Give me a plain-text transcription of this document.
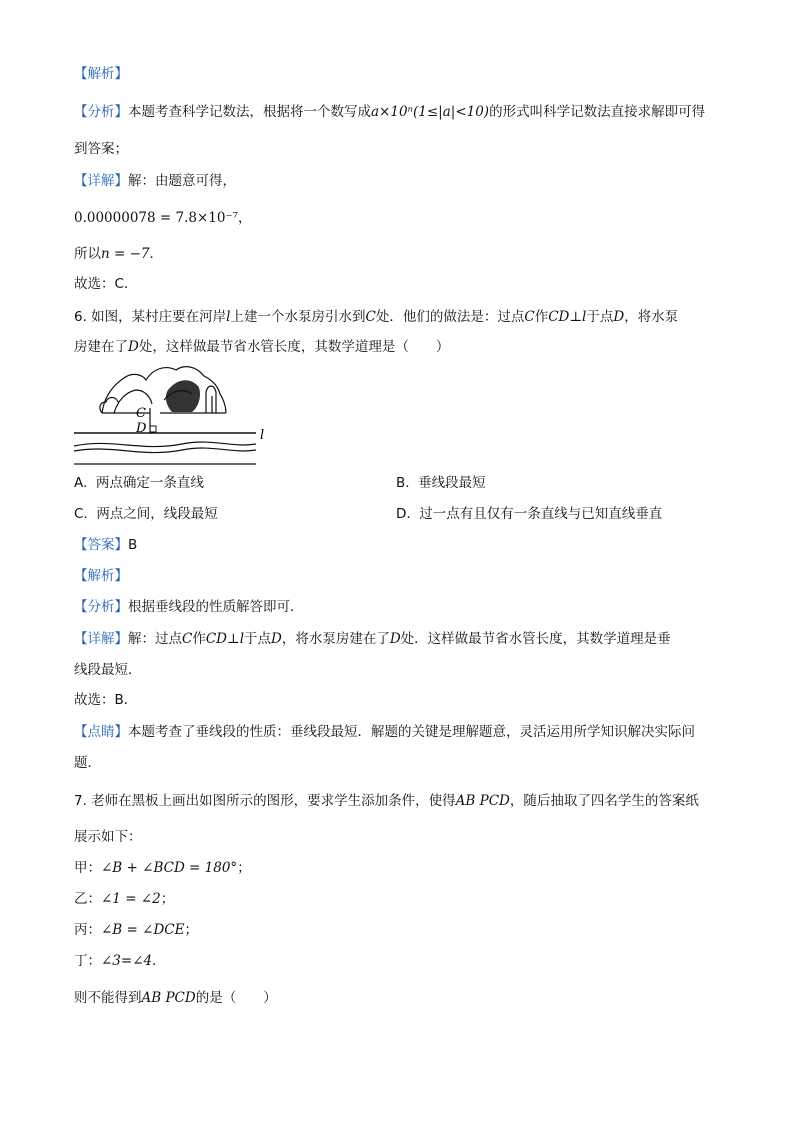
【解析】
【分析】本题考查科学记数法，根据将一个数写成a×10ⁿ(1≤|a|<10)的形式叫科学记数法直接求解即可得
到答案；
【详解】解：由题意可得，
0.00000078 = 7.8×10⁻⁷，
所以n = −7．
故选：C．
6. 如图，某村庄要在河岸l上建一个水泵房引水到C处．他们的做法是：过点C作CD⊥l于点D，将水泵
房建在了D处，这样做最节省水管长度，其数学道理是（　　）
C
D	l
A. 两点确定一条直线	B. 垂线段最短
C. 两点之间，线段最短	D. 过一点有且仅有一条直线与已知直线垂直
【答案】B
【解析】
【分析】根据垂线段的性质解答即可．
【详解】解：过点C作CD⊥l于点D，将水泵房建在了D处．这样做最节省水管长度，其数学道理是垂
线段最短．
故选：B．
【点睛】本题考查了垂线段的性质：垂线段最短．解题的关键是理解题意，灵活运用所学知识解决实际问
题．
7. 老师在黑板上画出如图所示的图形，要求学生添加条件，使得AB PCD，随后抽取了四名学生的答案纸
展示如下：
甲：∠B + ∠BCD = 180°；
乙：∠1 = ∠2；
丙：∠B = ∠DCE；
丁：∠3=∠4．
则不能得到AB PCD的是（　　）
